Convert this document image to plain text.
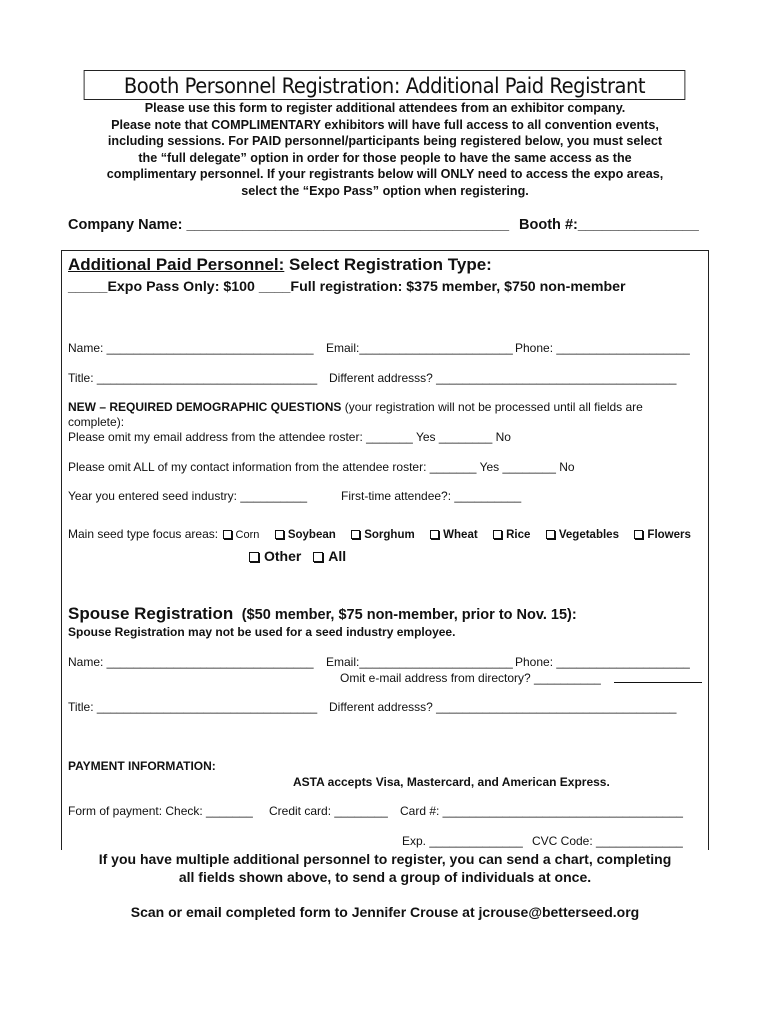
Booth Personnel Registration: Additional Paid Registrant
Please use this form to register additional attendees from an exhibitor company.
Please note that COMPLIMENTARY exhibitors will have full access to all convention events,
including sessions. For PAID personnel/participants being registered below, you must select
the “full delegate” option in order for those people to have the same access as the
complimentary personnel. If your registrants below will ONLY need to access the expo areas,
select the “Expo Pass” option when registering.
Company Name: ________________________________________ Booth #:_______________
Additional Paid Personnel: Select Registration Type:
_____Expo Pass Only: $100 ____Full registration: $375 member, $750 non-member
Name: _______________________________ Email:_______________________ Phone: ____________________
Title: _________________________________ Different addresss? ____________________________________
NEW – REQUIRED DEMOGRAPHIC QUESTIONS (your registration will not be processed until all fields are
complete):
Please omit my email address from the attendee roster: _______ Yes ________ No
Please omit ALL of my contact information from the attendee roster: _______ Yes ________ No
Year you entered seed industry: __________	First-time attendee?: __________
Main seed type focus areas: Corn Soybean Sorghum Wheat Rice Vegetables Flowers
Other All
Spouse Registration ($50 member, $75 non-member, prior to Nov. 15):
Spouse Registration may not be used for a seed industry employee.
Name: _______________________________ Email:_______________________ Phone: ____________________
Omit e-mail address from directory? __________
Title: _________________________________ Different addresss? ____________________________________
PAYMENT INFORMATION:
ASTA accepts Visa, Mastercard, and American Express.
Form of payment: Check: _______ Credit card: ________ Card #: ____________________________________
Exp. ______________ CVC Code: _____________
If you have multiple additional personnel to register, you can send a chart, completing
all fields shown above, to send a group of individuals at once.
Scan or email completed form to Jennifer Crouse at jcrouse@betterseed.org
